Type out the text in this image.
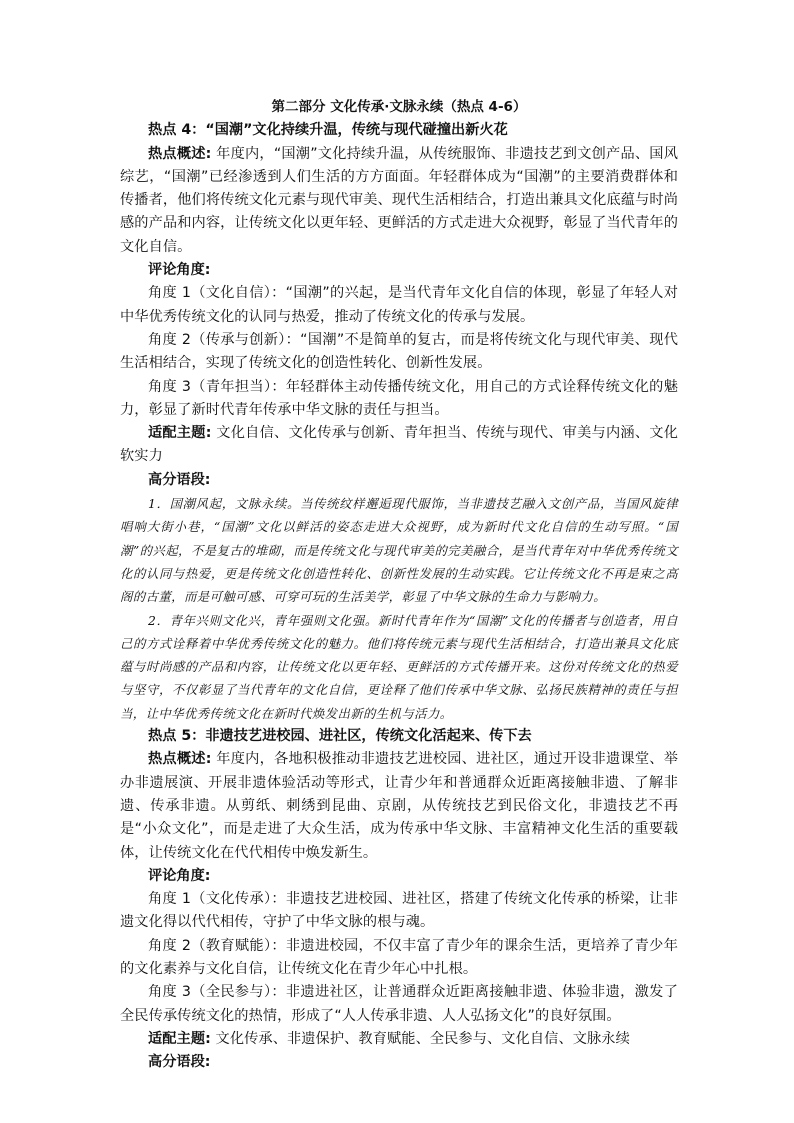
第二部分 文化传承·文脉永续（热点 4-6）

热点 4：“国潮”文化持续升温，传统与现代碰撞出新火花

热点概述: 年度内，“国潮”文化持续升温，从传统服饰、非遗技艺到文创产品、国风综艺，“国潮”已经渗透到人们生活的方方面面。年轻群体成为“国潮”的主要消费群体和传播者，他们将传统文化元素与现代审美、现代生活相结合，打造出兼具文化底蕴与时尚感的产品和内容，让传统文化以更年轻、更鲜活的方式走进大众视野，彰显了当代青年的文化自信。

评论角度:

角度 1（文化自信）：“国潮”的兴起，是当代青年文化自信的体现，彰显了年轻人对中华优秀传统文化的认同与热爱，推动了传统文化的传承与发展。

角度 2（传承与创新）：“国潮”不是简单的复古，而是将传统文化与现代审美、现代生活相结合，实现了传统文化的创造性转化、创新性发展。

角度 3（青年担当）：年轻群体主动传播传统文化，用自己的方式诠释传统文化的魅力，彰显了新时代青年传承中华文脉的责任与担当。

适配主题: 文化自信、文化传承与创新、青年担当、传统与现代、审美与内涵、文化软实力

高分语段:

1．国潮风起，文脉永续。当传统纹样邂逅现代服饰，当非遗技艺融入文创产品，当国风旋律唱响大街小巷，“国潮”文化以鲜活的姿态走进大众视野，成为新时代文化自信的生动写照。“国潮”的兴起，不是复古的堆砌，而是传统文化与现代审美的完美融合，是当代青年对中华优秀传统文化的认同与热爱，更是传统文化创造性转化、创新性发展的生动实践。它让传统文化不再是束之高阁的古董，而是可触可感、可穿可玩的生活美学，彰显了中华文脉的生命力与影响力。

2．青年兴则文化兴，青年强则文化强。新时代青年作为“国潮”文化的传播者与创造者，用自己的方式诠释着中华优秀传统文化的魅力。他们将传统元素与现代生活相结合，打造出兼具文化底蕴与时尚感的产品和内容，让传统文化以更年轻、更鲜活的方式传播开来。这份对传统文化的热爱与坚守，不仅彰显了当代青年的文化自信，更诠释了他们传承中华文脉、弘扬民族精神的责任与担当，让中华优秀传统文化在新时代焕发出新的生机与活力。

热点 5：非遗技艺进校园、进社区，传统文化活起来、传下去

热点概述: 年度内，各地积极推动非遗技艺进校园、进社区，通过开设非遗课堂、举办非遗展演、开展非遗体验活动等形式，让青少年和普通群众近距离接触非遗、了解非遗、传承非遗。从剪纸、刺绣到昆曲、京剧，从传统技艺到民俗文化，非遗技艺不再是“小众文化”，而是走进了大众生活，成为传承中华文脉、丰富精神文化生活的重要载体，让传统文化在代代相传中焕发新生。

评论角度:

角度 1（文化传承）：非遗技艺进校园、进社区，搭建了传统文化传承的桥梁，让非遗文化得以代代相传，守护了中华文脉的根与魂。

角度 2（教育赋能）：非遗进校园，不仅丰富了青少年的课余生活，更培养了青少年的文化素养与文化自信，让传统文化在青少年心中扎根。

角度 3（全民参与）：非遗进社区，让普通群众近距离接触非遗、体验非遗，激发了全民传承传统文化的热情，形成了“人人传承非遗、人人弘扬文化”的良好氛围。

适配主题: 文化传承、非遗保护、教育赋能、全民参与、文化自信、文脉永续

高分语段:
